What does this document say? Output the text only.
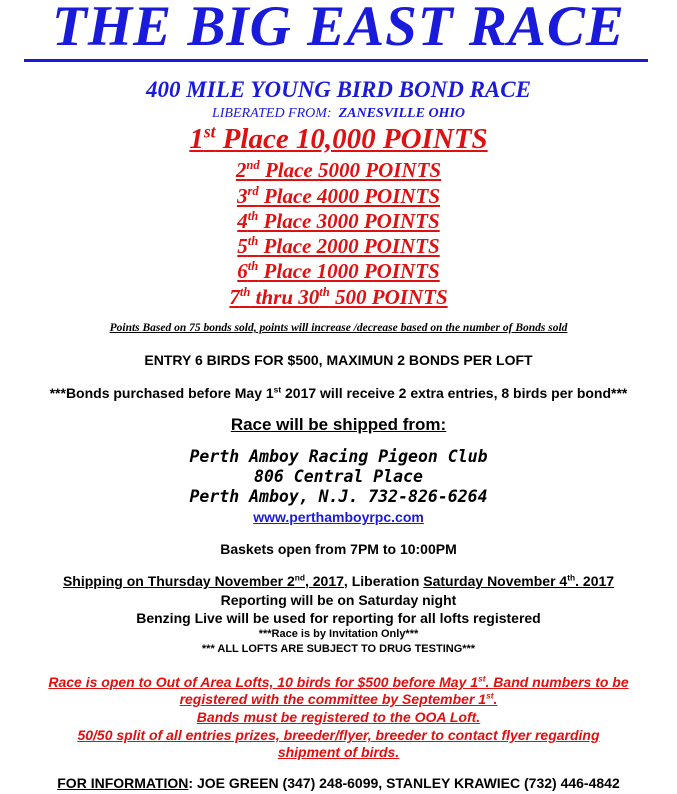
THE BIG EAST RACE
400 MILE YOUNG BIRD BOND RACE
LIBERATED FROM: ZANESVILLE OHIO
1st Place 10,000 POINTS
2nd Place 5000 POINTS
3rd Place 4000 POINTS
4th Place 3000 POINTS
5th Place 2000 POINTS
6th Place 1000 POINTS
7th thru 30th 500 POINTS
Points Based on 75 bonds sold, points will increase /decrease based on the number of Bonds sold
ENTRY 6 BIRDS FOR $500, MAXIMUN 2 BONDS PER LOFT
***Bonds purchased before May 1st 2017 will receive 2 extra entries, 8 birds per bond***
Race will be shipped from:
Perth Amboy Racing Pigeon Club
806 Central Place
Perth Amboy, N.J. 732-826-6264
www.perthamboyrpc.com
Baskets open from 7PM to 10:00PM
Shipping on Thursday November 2nd, 2017, Liberation Saturday November 4th. 2017
Reporting will be on Saturday night
Benzing Live will be used for reporting for all lofts registered
***Race is by Invitation Only***
*** ALL LOFTS ARE SUBJECT TO DRUG TESTING***
Race is open to Out of Area Lofts, 10 birds for $500 before May 1st. Band numbers to be
registered with the committee by September 1st.
Bands must be registered to the OOA Loft.
50/50 split of all entries prizes, breeder/flyer, breeder to contact flyer regarding
shipment of birds.
FOR INFORMATION: JOE GREEN (347) 248-6099, STANLEY KRAWIEC (732) 446-4842
